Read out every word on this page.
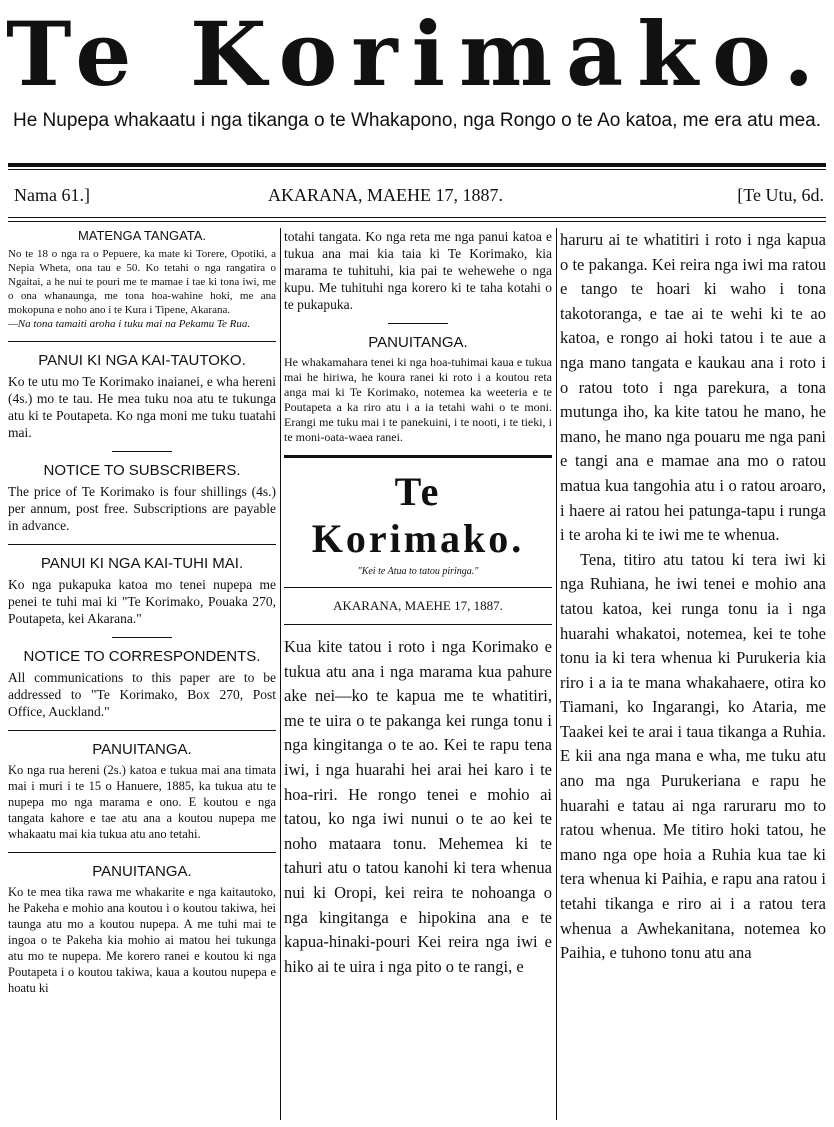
Te Korimako.
He Nupepa whakaatu i nga tikanga o te Whakapono, nga Rongo o te Ao katoa, me era atu mea.
Nama 61.]	AKARANA, MAEHE 17, 1887.	[Te Utu, 6d.
MATENGA TANGATA.

No te 18 o nga ra o Pepuere, ka mate ki Torere, Opotiki, a Nepia Wheta, ona tau e 50. Ko tetahi o nga rangatira o Ngaitai, a he nui te pouri me te mamae i tae ki tona iwi, me o ona whanaunga, me tona hoa-wahine hoki, me ana mokopuna e noho ano i te Kura i Tipene, Akarana.

—Na tona tamaiti aroha i tuku mai na Pekamu Te Rua.

PANUI KI NGA KAI-TAUTOKO.

Ko te utu mo Te Korimako inaianei, e wha hereni (4s.) mo te tau. He mea tuku noa atu te tukunga atu ki te Poutapeta. Ko nga moni me tuku tuatahi mai.

NOTICE TO SUBSCRIBERS.

The price of Te Korimako is four shillings (4s.) per annum, post free. Subscriptions are payable in advance.

PANUI KI NGA KAI-TUHI MAI.

Ko nga pukapuka katoa mo tenei nupepa me penei te tuhi mai ki "Te Korimako, Pouaka 270, Poutapeta, kei Akarana."

NOTICE TO CORRESPONDENTS.

All communications to this paper are to be addressed to "Te Korimako, Box 270, Post Office, Auckland."

PANUITANGA.

Ko nga rua hereni (2s.) katoa e tukua mai ana timata mai i muri i te 15 o Hanuere, 1885, ka tukua atu te nupepa mo nga marama e ono. E koutou e nga tangata kahore e tae atu ana a koutou nupepa me whakaatu mai kia tukua atu ano tetahi.

PANUITANGA.

Ko te mea tika rawa me whakarite e nga kaitautoko, he Pakeha e mohio ana koutou i o koutou takiwa, hei taunga atu mo a koutou nupepa. A me tuhi mai te ingoa o te Pakeha kia mohio ai matou hei tukunga atu mo te nupepa. Me korero ranei e koutou ki nga Poutapeta i o koutou takiwa, kaua a koutou nupepa e hoatu ki

totahi tangata. Ko nga reta me nga panui katoa e tukua ana mai kia taia ki Te Korimako, kia marama te tuhituhi, kia pai te wehewehe o nga kupu. Me tuhituhi nga korero ki te taha kotahi o te pukapuka.

PANUITANGA.

He whakamahara tenei ki nga hoa-tuhimai kaua e tukua mai he hiriwa, he koura ranei ki roto i a koutou reta anga mai ki Te Korimako, notemea ka weeteria e te Poutapeta a ka riro atu i a ia tetahi wahi o te moni. Erangi me tuku mai i te panekuini, i te nooti, i te tieki, i te moni-oata-waea ranei.

Te Korimako.
"Kei te Atua to tatou piringa."
AKARANA, MAEHE 17, 1887.

Kua kite tatou i roto i nga Korimako e tukua atu ana i nga marama kua pahure ake nei—ko te kapua me te whatitiri, me te uira o te pakanga kei runga tonu i nga kingitanga o te ao. Kei te rapu tena iwi, i nga huarahi hei arai hei karo i te hoa-riri. He rongo tenei e mohio ai tatou, ko nga iwi nunui o te ao kei te noho mataara tonu. Mehemea ki te tahuri atu o tatou kanohi ki tera whenua nui ki Oropi, kei reira te nohoanga o nga kingitanga e hipokina ana e te kapua-hinaki-pouri Kei reira nga iwi e hiko ai te uira i nga pito o te rangi, e

haruru ai te whatitiri i roto i nga kapua o te pakanga. Kei reira nga iwi ma ratou e tango te hoari ki waho i tona takotoranga, e tae ai te wehi ki te ao katoa, e rongo ai hoki tatou i te aue a nga mano tangata e kaukau ana i roto i o ratou toto i nga parekura, a tona mutunga iho, ka kite tatou he mano, he mano, he mano nga pouaru me nga pani e tangi ana e mamae ana mo o ratou matua kua tangohia atu i o ratou aroaro, i haere ai ratou hei patunga-tapu i runga i te aroha ki te iwi me te whenua.

Tena, titiro atu tatou ki tera iwi ki nga Ruhiana, he iwi tenei e mohio ana tatou katoa, kei runga tonu ia i nga huarahi whakatoi, notemea, kei te tohe tonu ia ki tera whenua ki Purukeria kia riro i a ia te mana whakahaere, otira ko Tiamani, ko Ingarangi, ko Ataria, me Taakei kei te arai i taua tikanga a Ruhia. E kii ana nga mana e wha, me tuku atu ano ma nga Purukeriana e rapu he huarahi e tatau ai nga raruraru mo to ratou whenua. Me titiro hoki tatou, he mano nga ope hoia a Ruhia kua tae ki tera whenua ki Paihia, e rapu ana ratou i tetahi tikanga e riro ai i a ratou tera whenua a Awhekanitana, notemea ko Paihia, e tuhono tonu atu ana
